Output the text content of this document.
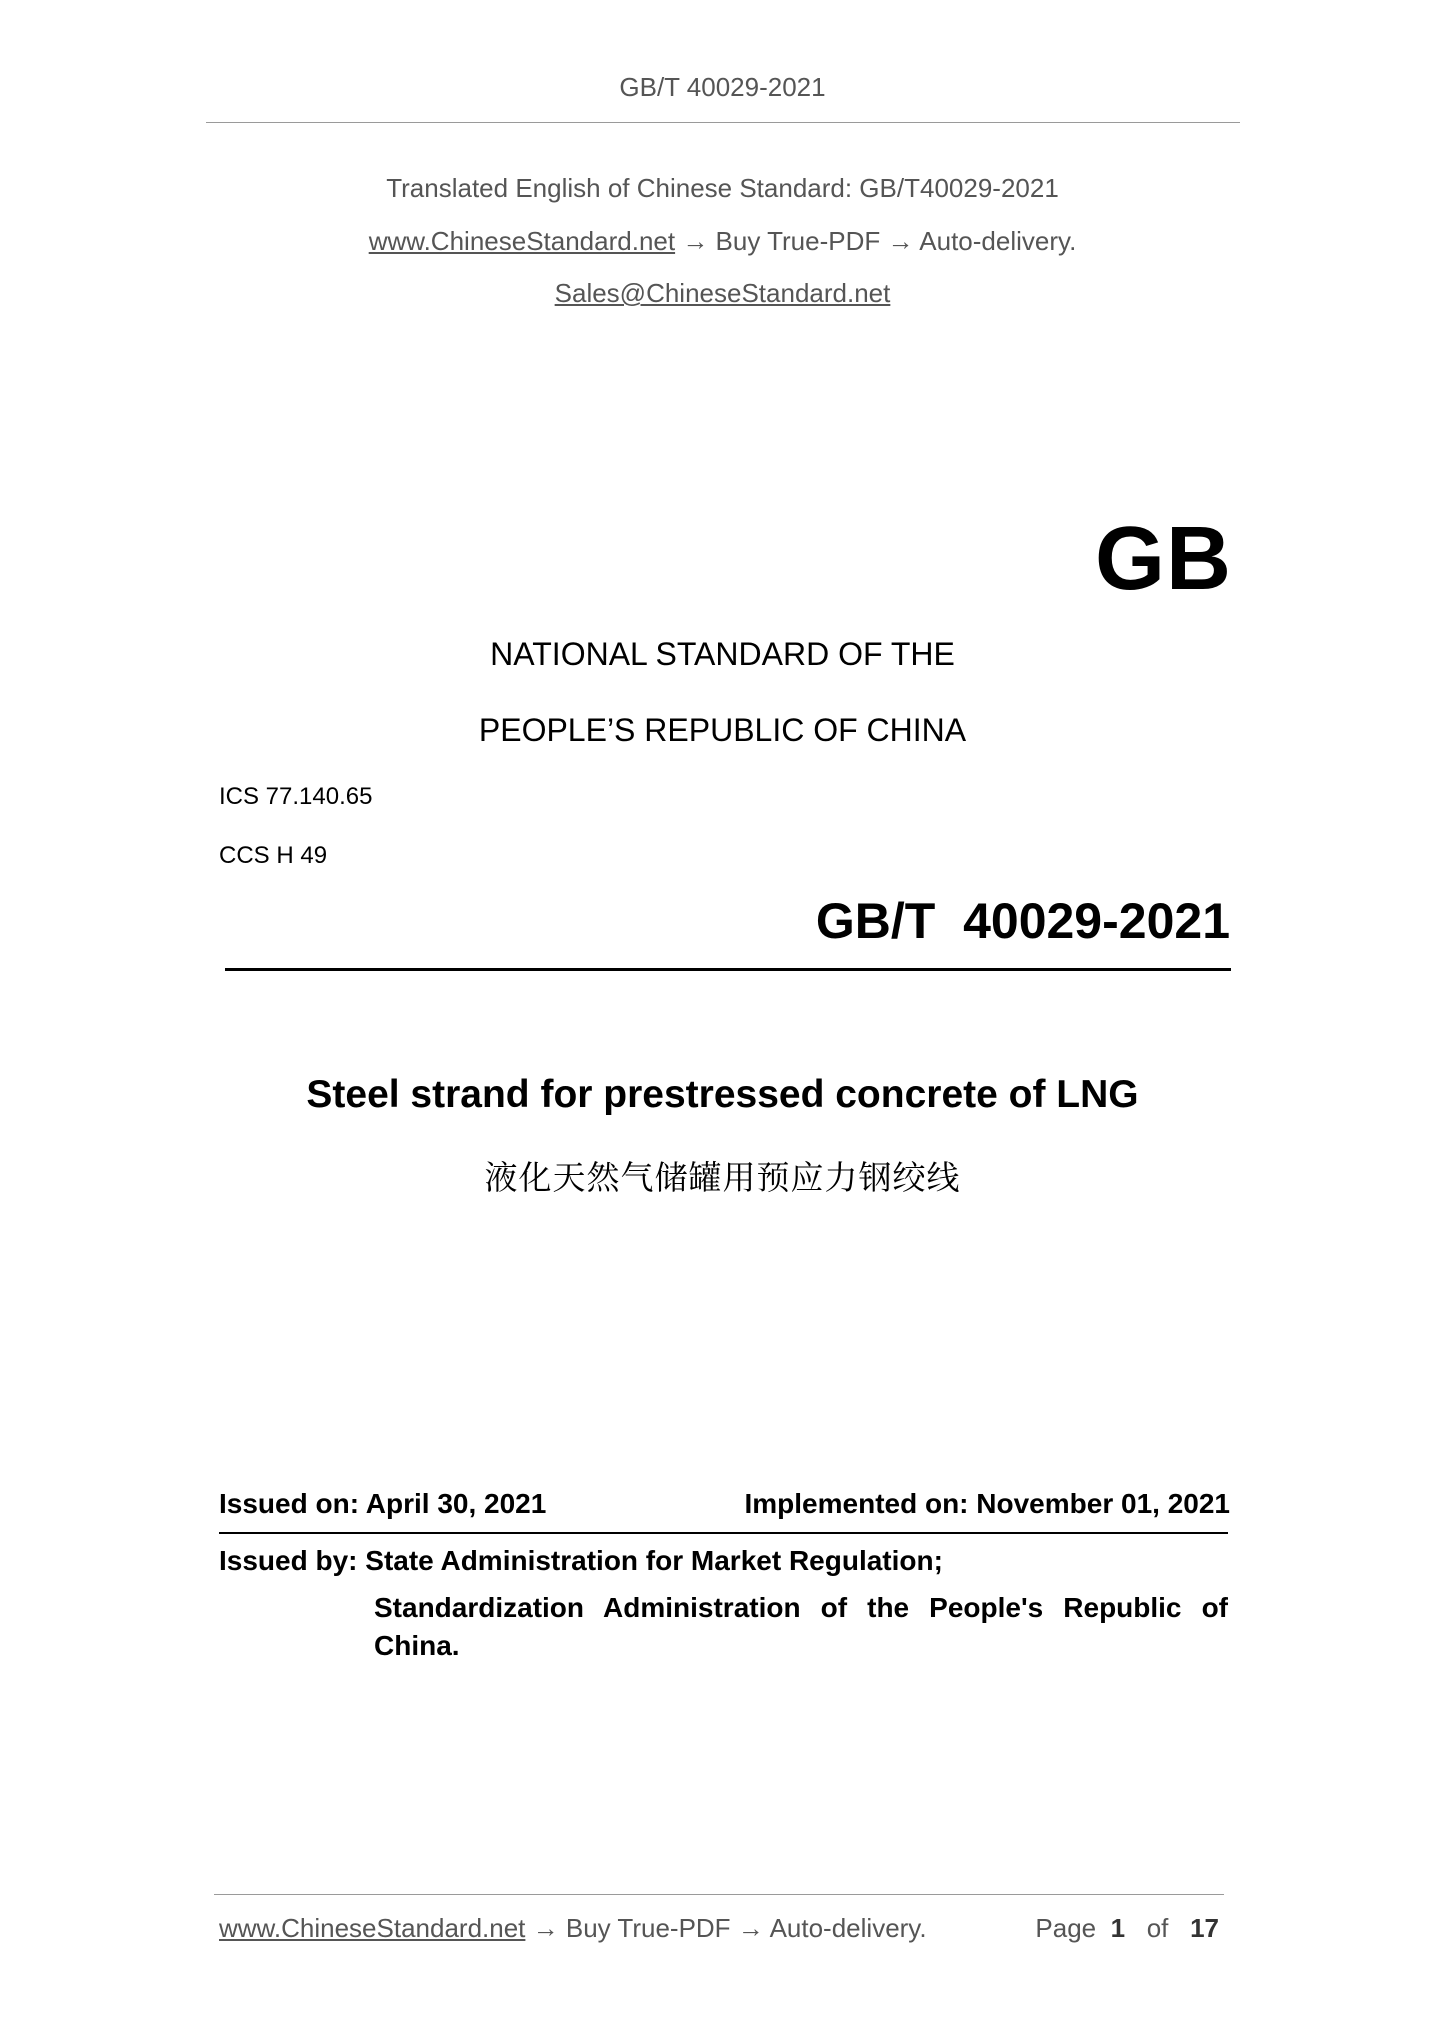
GB/T 40029-2021
Translated English of Chinese Standard: GB/T40029-2021
www.ChineseStandard.net → Buy True-PDF → Auto-delivery.
Sales@ChineseStandard.net
GB
NATIONAL STANDARD OF THE
PEOPLE’S REPUBLIC OF CHINA
ICS 77.140.65
CCS H 49
GB/T  40029-2021
Steel strand for prestressed concrete of LNG
液化天然气储罐用预应力钢绞线
Issued on: April 30, 2021	Implemented on: November 01, 2021
Issued by: State Administration for Market Regulation;
Standardization Administration of the People's Republic of
China.
www.ChineseStandard.net → Buy True-PDF → Auto-delivery.	Page 1 of 17
